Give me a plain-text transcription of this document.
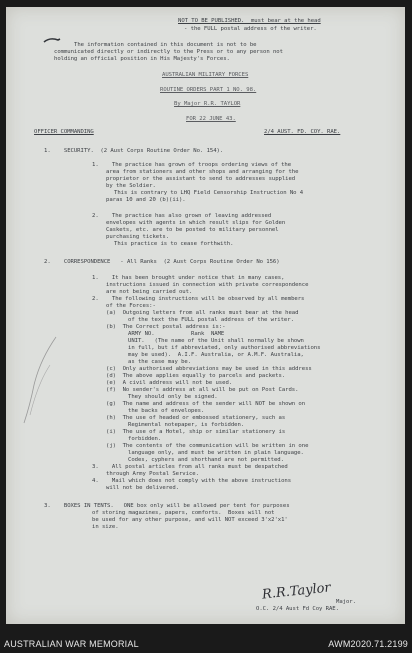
NOT TO BE PUBLISHED.  must bear at the head
- the FULL postal address of the writer.
The information contained in this document is not to be
communicated directly or indirectly to the Press or to any person not
holding an official position in His Majesty's Forces.
AUSTRALIAN MILITARY FORCES
ROUTINE ORDERS PART 1 NO. 98.
By Major R.R. TAYLOR
FOR 22 JUNE 43.
OFFICER COMMANDING	2/4 AUST. FD. COY. RAE.
1.    SECURITY.  (2 Aust Corps Routine Order No. 154).
1.    The practice has grown of troops ordering views of the
area from stationers and other shops and arranging for the
proprietor or the assistant to send to addresses supplied
by the Soldier.
This is contrary to LHQ Field Censorship Instruction No 4
paras 10 and 20 (b)(ii).
2.    The practice has also grown of leaving addressed
envelopes with agents in which result slips for Golden
Caskets, etc. are to be posted to military personnel
purchasing tickets.
This practice is to cease forthwith.
2.    CORRESPONDENCE   - All Ranks  (2 Aust Corps Routine Order No 156)
1.    It has been brought under notice that in many cases,
instructions issued in connection with private correspondence
are not being carried out.
2.    The following instructions will be observed by all members
of the Forces:-
(a)  Outgoing letters from all ranks must bear at the head
of the text the FULL postal address of the writer.
(b)  The Correct postal address is:-
ARMY NO.           Rank  NAME
UNIT.   (The name of the Unit shall normally be shown
in full, but if abbreviated, only authorised abbreviations
may be used).  A.I.F. Australia, or A.M.F. Australia,
as the case may be.
(c)  Only authorised abbreviations may be used in this address
(d)  The above applies equally to parcels and packets.
(e)  A civil address will not be used.
(f)  No sender's address at all will be put on Post Cards.
They should only be signed.
(g)  The name and address of the sender will NOT be shown on
the backs of envelopes.
(h)  The use of headed or embossed stationery, such as
Regimental notepaper, is forbidden.
(i)  The use of a Hotel, ship or similar stationery is
forbidden.
(j)  The contents of the communication will be written in one
language only, and must be written in plain language.
Codes, cyphers and shorthand are not permitted.
3.    All postal articles from all ranks must be despatched
through Army Postal Service.
4.    Mail which does not comply with the above instructions
will not be delivered.
3.    BOXES IN TENTS.   ONE box only will be allowed per tent for purposes
of storing magazines, papers, comforts.  Boxes will not
be used for any other purpose, and will NOT exceed 3'x2'x1'
in size.
R.R.Taylor Major.
O.C. 2/4 Aust Fd Coy RAE.
AUSTRALIAN WAR MEMORIAL	AWM2020.71.2199
